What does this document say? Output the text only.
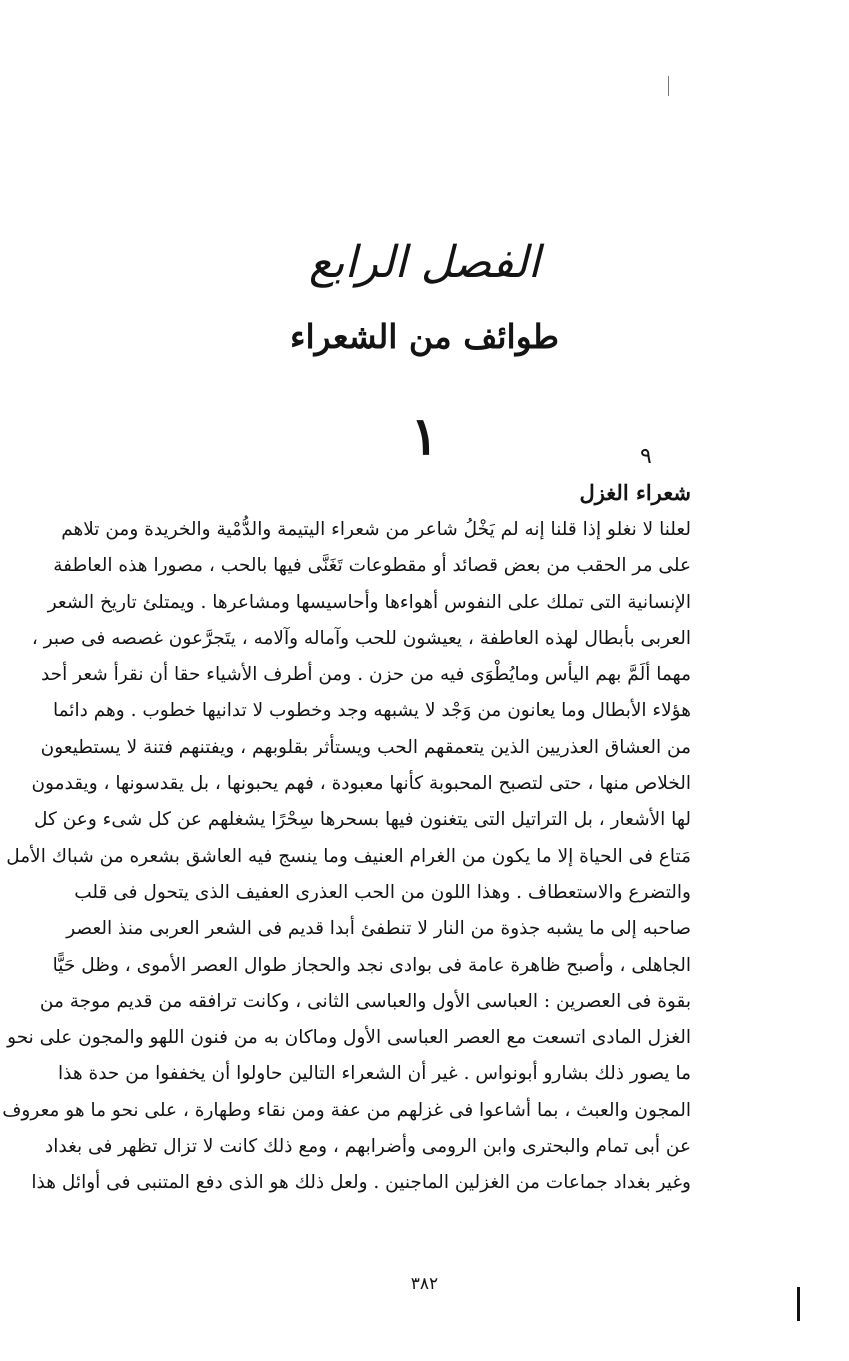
الفصل الرابع
طوائف من الشعراء
١	٩
شعراء الغزل
لعلنا لا نغلو إذا قلنا إنه لم يَخْلُ شاعر من شعراء اليتيمة والدُّمْية والخريدة ومن تلاهم
على مر الحقب من بعض قصائد أو مقطوعات تَغَنَّى فيها بالحب ، مصورا هذه العاطفة
الإنسانية التى تملك على النفوس أهواءها وأحاسيسها ومشاعرها . ويمتلئ تاريخ الشعر
العربى بأبطال لهذه العاطفة ، يعيشون للحب وآماله وآلامه ، يتَجرَّعون غصصه فى صبر ،
مهما ألَمَّ بهم اليأس ومايُطْوَى فيه من حزن . ومن أطرف الأشياء حقا أن نقرأ شعر أحد
هؤلاء الأبطال وما يعانون من وَجْد لا يشبهه وجد وخطوب لا تدانيها خطوب . وهم دائما
من العشاق العذريين الذين يتعمقهم الحب ويستأثر بقلوبهم ، ويفتنهم فتنة لا يستطيعون
الخلاص منها ، حتى لتصبح المحبوبة كأنها معبودة ، فهم يحبونها ، بل يقدسونها ، ويقدمون
لها الأشعار ، بل التراتيل التى يتغنون فيها بسحرها سِحْرًا يشغلهم عن كل شىء وعن كل
مَتاع فى الحياة إلا ما يكون من الغرام العنيف وما ينسج فيه العاشق بشعره من شباك الأمل
والتضرع والاستعطاف . وهذا اللون من الحب العذرى العفيف الذى يتحول فى قلب
صاحبه إلى ما يشبه جذوة من النار لا تنطفئ أبدا قديم فى الشعر العربى منذ العصر
الجاهلى ، وأصبح ظاهرة عامة فى بوادى نجد والحجاز طوال العصر الأموى ، وظل حَيًّا
بقوة فى العصرين : العباسى الأول والعباسى الثانى ، وكانت ترافقه من قديم موجة من
الغزل المادى اتسعت مع العصر العباسى الأول وماكان به من فنون اللهو والمجون على نحو
ما يصور ذلك بشارو أبونواس . غير أن الشعراء التالين حاولوا أن يخففوا من حدة هذا
المجون والعبث ، بما أشاعوا فى غزلهم من عفة ومن نقاء وطهارة ، على نحو ما هو معروف
عن أبى تمام والبحترى وابن الرومى وأضرابهم ، ومع ذلك كانت لا تزال تظهر فى بغداد
وغير بغداد جماعات من الغزلين الماجنين . ولعل ذلك هو الذى دفع المتنبى فى أوائل هذا
٣٨٢
